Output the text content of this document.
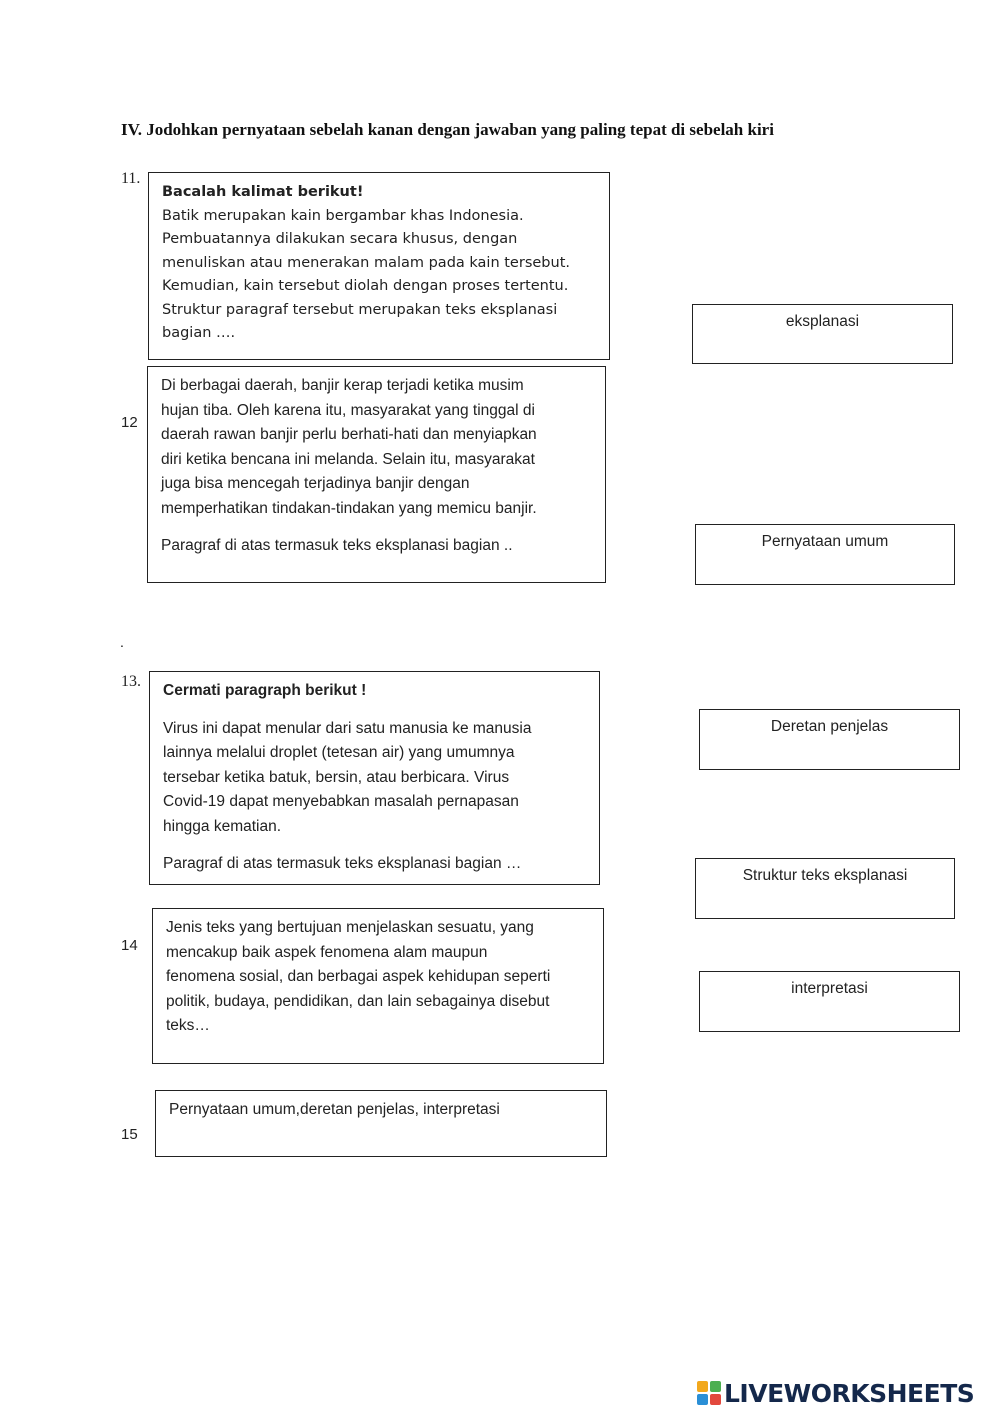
IV. Jodohkan pernyataan sebelah kanan dengan jawaban yang paling tepat di sebelah kiri
11.

Bacalah kalimat berikut!

Batik merupakan kain bergambar khas Indonesia.

Pembuatannya dilakukan secara khusus, dengan

menuliskan atau menerakan malam pada kain tersebut.

Kemudian, kain tersebut diolah dengan proses tertentu.

Struktur paragraf tersebut merupakan teks eksplanasi

bagian ….

12

Di berbagai daerah, banjir kerap terjadi ketika musim

hujan tiba. Oleh karena itu, masyarakat yang tinggal di

daerah rawan banjir perlu berhati-hati dan menyiapkan

diri ketika bencana ini melanda. Selain itu, masyarakat

juga bisa mencegah terjadinya banjir dengan

memperhatikan tindakan-tindakan yang memicu banjir.

Paragraf di atas termasuk teks eksplanasi bagian ..

.
13.

Cermati paragraph berikut !

Virus ini dapat menular dari satu manusia ke manusia

lainnya melalui droplet (tetesan air) yang umumnya

tersebar ketika batuk, bersin, atau berbicara. Virus

Covid-19 dapat menyebabkan masalah pernapasan

hingga kematian.

Paragraf di atas termasuk teks eksplanasi bagian …

14

Jenis teks yang bertujuan menjelaskan sesuatu, yang

mencakup baik aspek fenomena alam maupun

fenomena sosial, dan berbagai aspek kehidupan seperti

politik, budaya, pendidikan, dan lain sebagainya disebut

teks…

15

Pernyataan umum,deretan penjelas, interpretasi

eksplanasi
Pernyataan umum
Deretan penjelas
Struktur teks eksplanasi
interpretasi
LIVEWORKSHEETS
